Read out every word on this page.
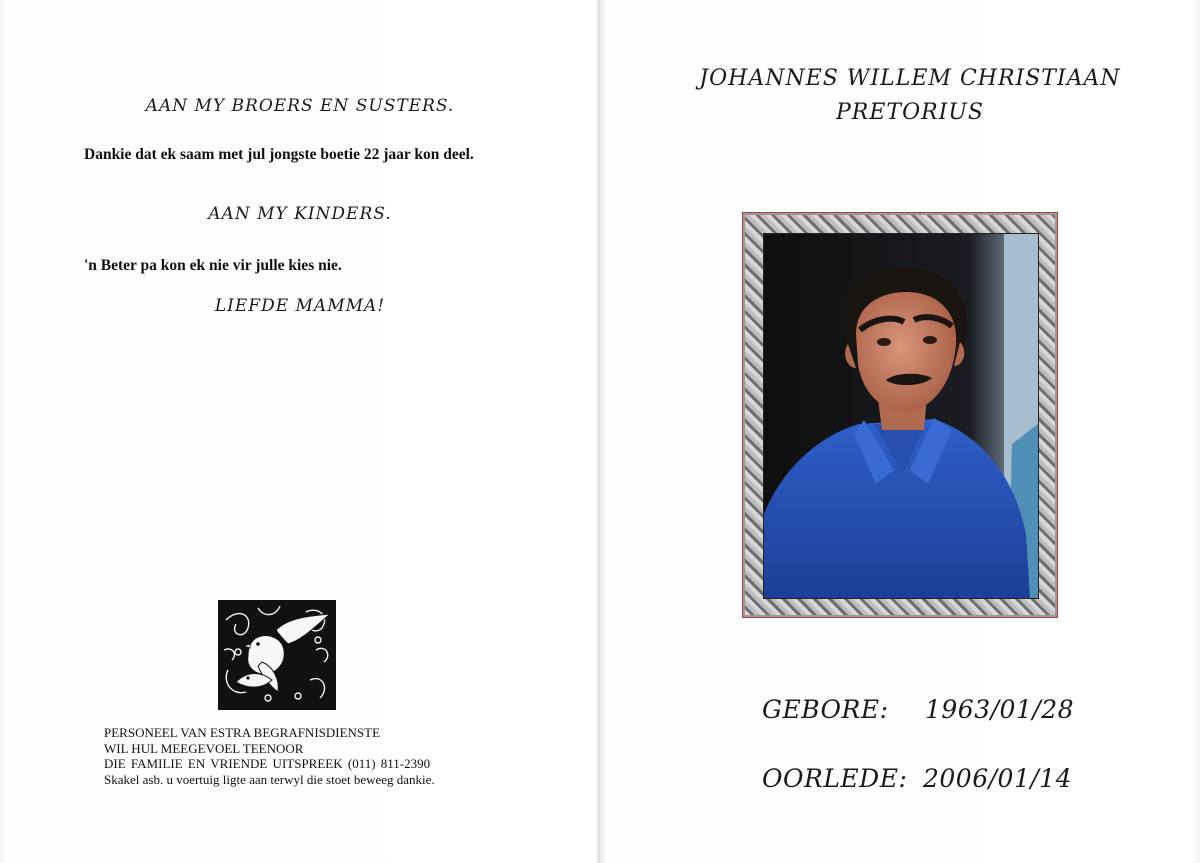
AAN MY BROERS EN SUSTERS.
Dankie dat ek saam met jul jongste boetie 22 jaar kon deel.
AAN MY KINDERS.
'n Beter pa kon ek nie vir julle kies nie.
LIEFDE MAMMA!
PERSONEEL VAN ESTRA BEGRAFNISDIENSTE
WIL HUL MEEGEVOEL TEENOOR
DIE FAMILIE EN VRIENDE UITSPREEK (011) 811-2390
Skakel asb. u voertuig ligte aan terwyl die stoet beweeg dankie.
JOHANNES WILLEM CHRISTIAAN
PRETORIUS
GEBORE: 1963/01/28
OORLEDE: 2006/01/14
